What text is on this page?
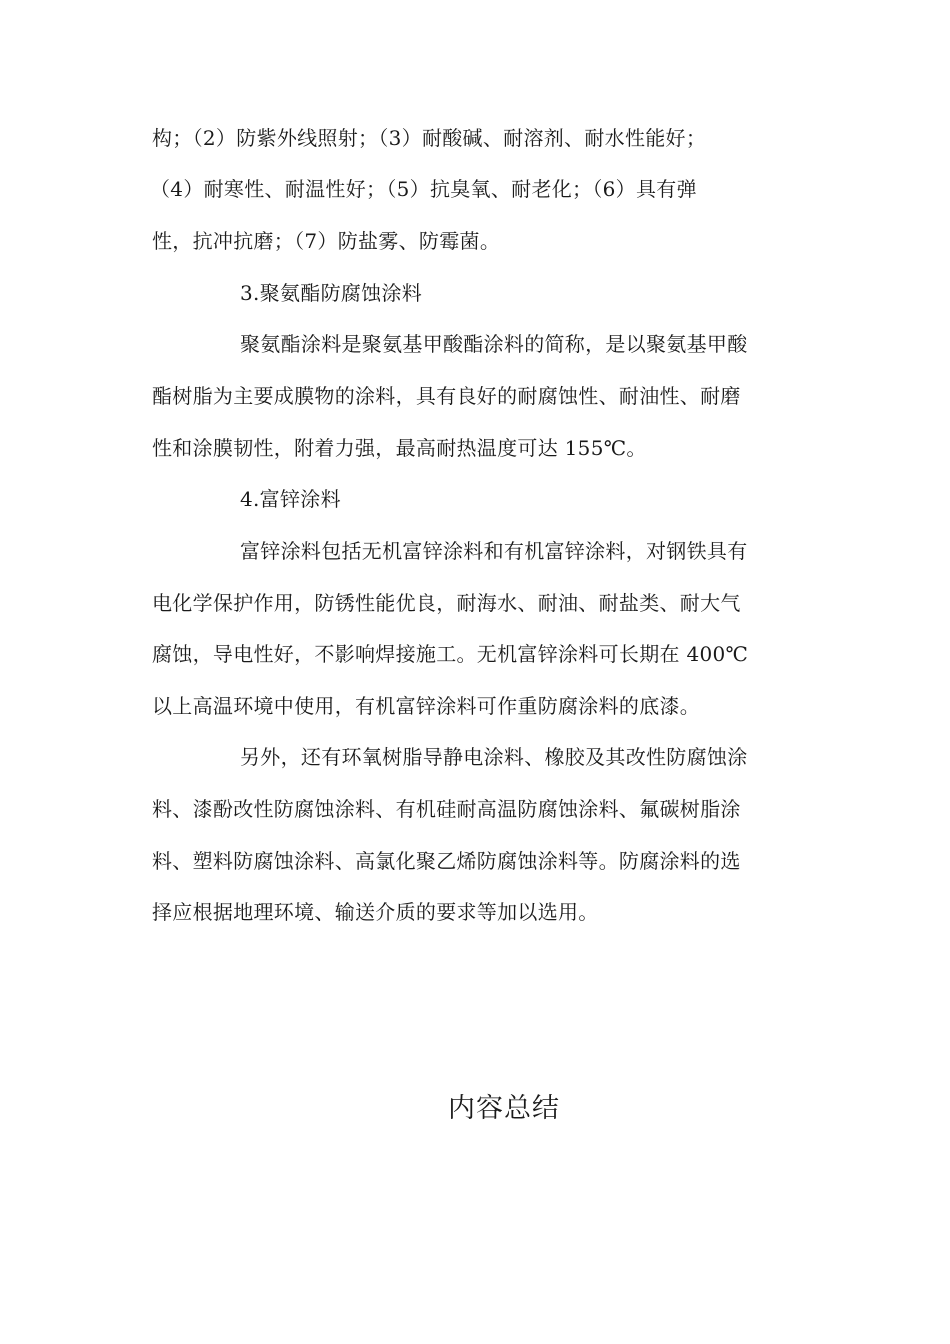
构；（2）防紫外线照射；（3）耐酸碱、耐溶剂、耐水性能好；
（4）耐寒性、耐温性好；（5）抗臭氧、耐老化；（6）具有弹
性，抗冲抗磨；（7）防盐雾、防霉菌。
3.聚氨酯防腐蚀涂料
聚氨酯涂料是聚氨基甲酸酯涂料的简称，是以聚氨基甲酸
酯树脂为主要成膜物的涂料，具有良好的耐腐蚀性、耐油性、耐磨
性和涂膜韧性，附着力强，最高耐热温度可达 155℃。
4.富锌涂料
富锌涂料包括无机富锌涂料和有机富锌涂料，对钢铁具有
电化学保护作用，防锈性能优良，耐海水、耐油、耐盐类、耐大气
腐蚀，导电性好，不影响焊接施工。无机富锌涂料可长期在 400℃
以上高温环境中使用，有机富锌涂料可作重防腐涂料的底漆。
另外，还有环氧树脂导静电涂料、橡胶及其改性防腐蚀涂
料、漆酚改性防腐蚀涂料、有机硅耐高温防腐蚀涂料、氟碳树脂涂
料、塑料防腐蚀涂料、高氯化聚乙烯防腐蚀涂料等。防腐涂料的选
择应根据地理环境、输送介质的要求等加以选用。
内容总结
